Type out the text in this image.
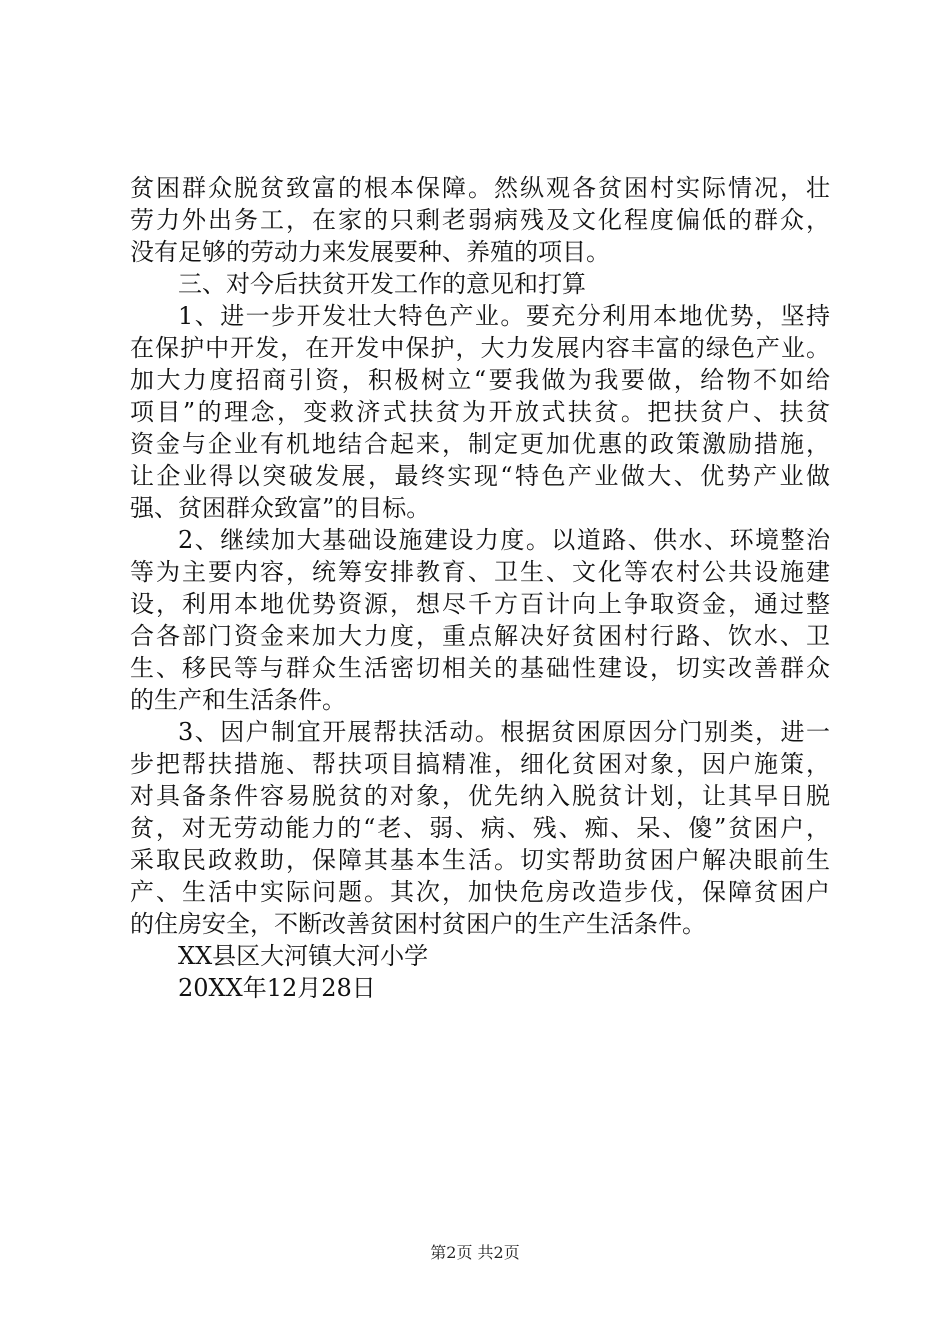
贫困群众脱贫致富的根本保障。然纵观各贫困村实际情况，壮
劳力外出务工，在家的只剩老弱病残及文化程度偏低的群众，
没有足够的劳动力来发展要种、养殖的项目。
三、对今后扶贫开发工作的意见和打算
1、进一步开发壮大特色产业。要充分利用本地优势，坚持
在保护中开发，在开发中保护，大力发展内容丰富的绿色产业。
加大力度招商引资，积极树立“要我做为我要做，给物不如给
项目”的理念，变救济式扶贫为开放式扶贫。把扶贫户、扶贫
资金与企业有机地结合起来，制定更加优惠的政策激励措施，
让企业得以突破发展，最终实现“特色产业做大、优势产业做
强、贫困群众致富”的目标。
2、继续加大基础设施建设力度。以道路、供水、环境整治
等为主要内容，统筹安排教育、卫生、文化等农村公共设施建
设，利用本地优势资源，想尽千方百计向上争取资金，通过整
合各部门资金来加大力度，重点解决好贫困村行路、饮水、卫
生、移民等与群众生活密切相关的基础性建设，切实改善群众
的生产和生活条件。
3、因户制宜开展帮扶活动。根据贫困原因分门别类，进一
步把帮扶措施、帮扶项目搞精准，细化贫困对象，因户施策，
对具备条件容易脱贫的对象，优先纳入脱贫计划，让其早日脱
贫，对无劳动能力的“老、弱、病、残、痴、呆、傻”贫困户，
采取民政救助，保障其基本生活。切实帮助贫困户解决眼前生
产、生活中实际问题。其次，加快危房改造步伐，保障贫困户
的住房安全，不断改善贫困村贫困户的生产生活条件。
XX县区大河镇大河小学
20XX年12月28日
第2页 共2页
